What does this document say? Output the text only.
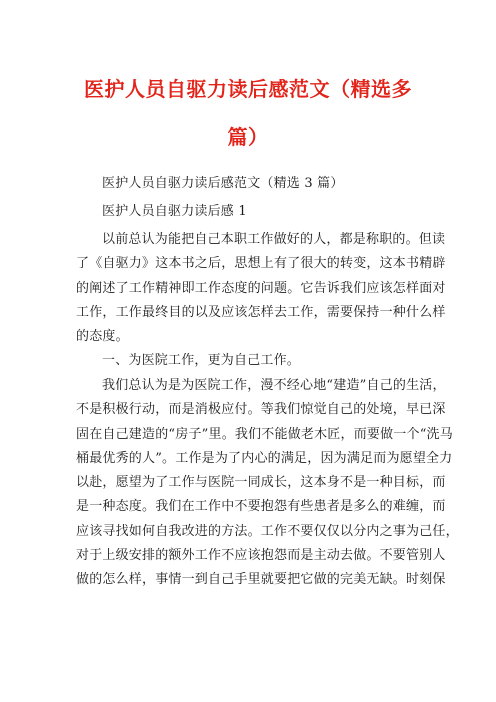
医护人员自驱力读后感范文（精选多
篇）
医护人员自驱力读后感范文（精选 3 篇）
医护人员自驱力读后感 1
以前总认为能把自己本职工作做好的人，都是称职的。但读
了《自驱力》这本书之后，思想上有了很大的转变，这本书精辟
的阐述了工作精神即工作态度的问题。它告诉我们应该怎样面对
工作，工作最终目的以及应该怎样去工作，需要保持一种什么样
的态度。
一、为医院工作，更为自己工作。
我们总认为是为医院工作，漫不经心地“建造”自己的生活，
不是积极行动，而是消极应付。等我们惊觉自己的处境，早已深
固在自己建造的“房子”里。我们不能做老木匠，而要做一个“洗马
桶最优秀的人”。工作是为了内心的满足，因为满足而为愿望全力
以赴，愿望为了工作与医院一同成长，这本身不是一种目标，而
是一种态度。我们在工作中不要抱怨有些患者是多么的难缠，而
应该寻找如何自我改进的方法。工作不要仅仅以分内之事为己任，
对于上级安排的额外工作不应该抱怨而是主动去做。不要管别人
做的怎么样，事情一到自己手里就要把它做的完美无缺。时刻保
